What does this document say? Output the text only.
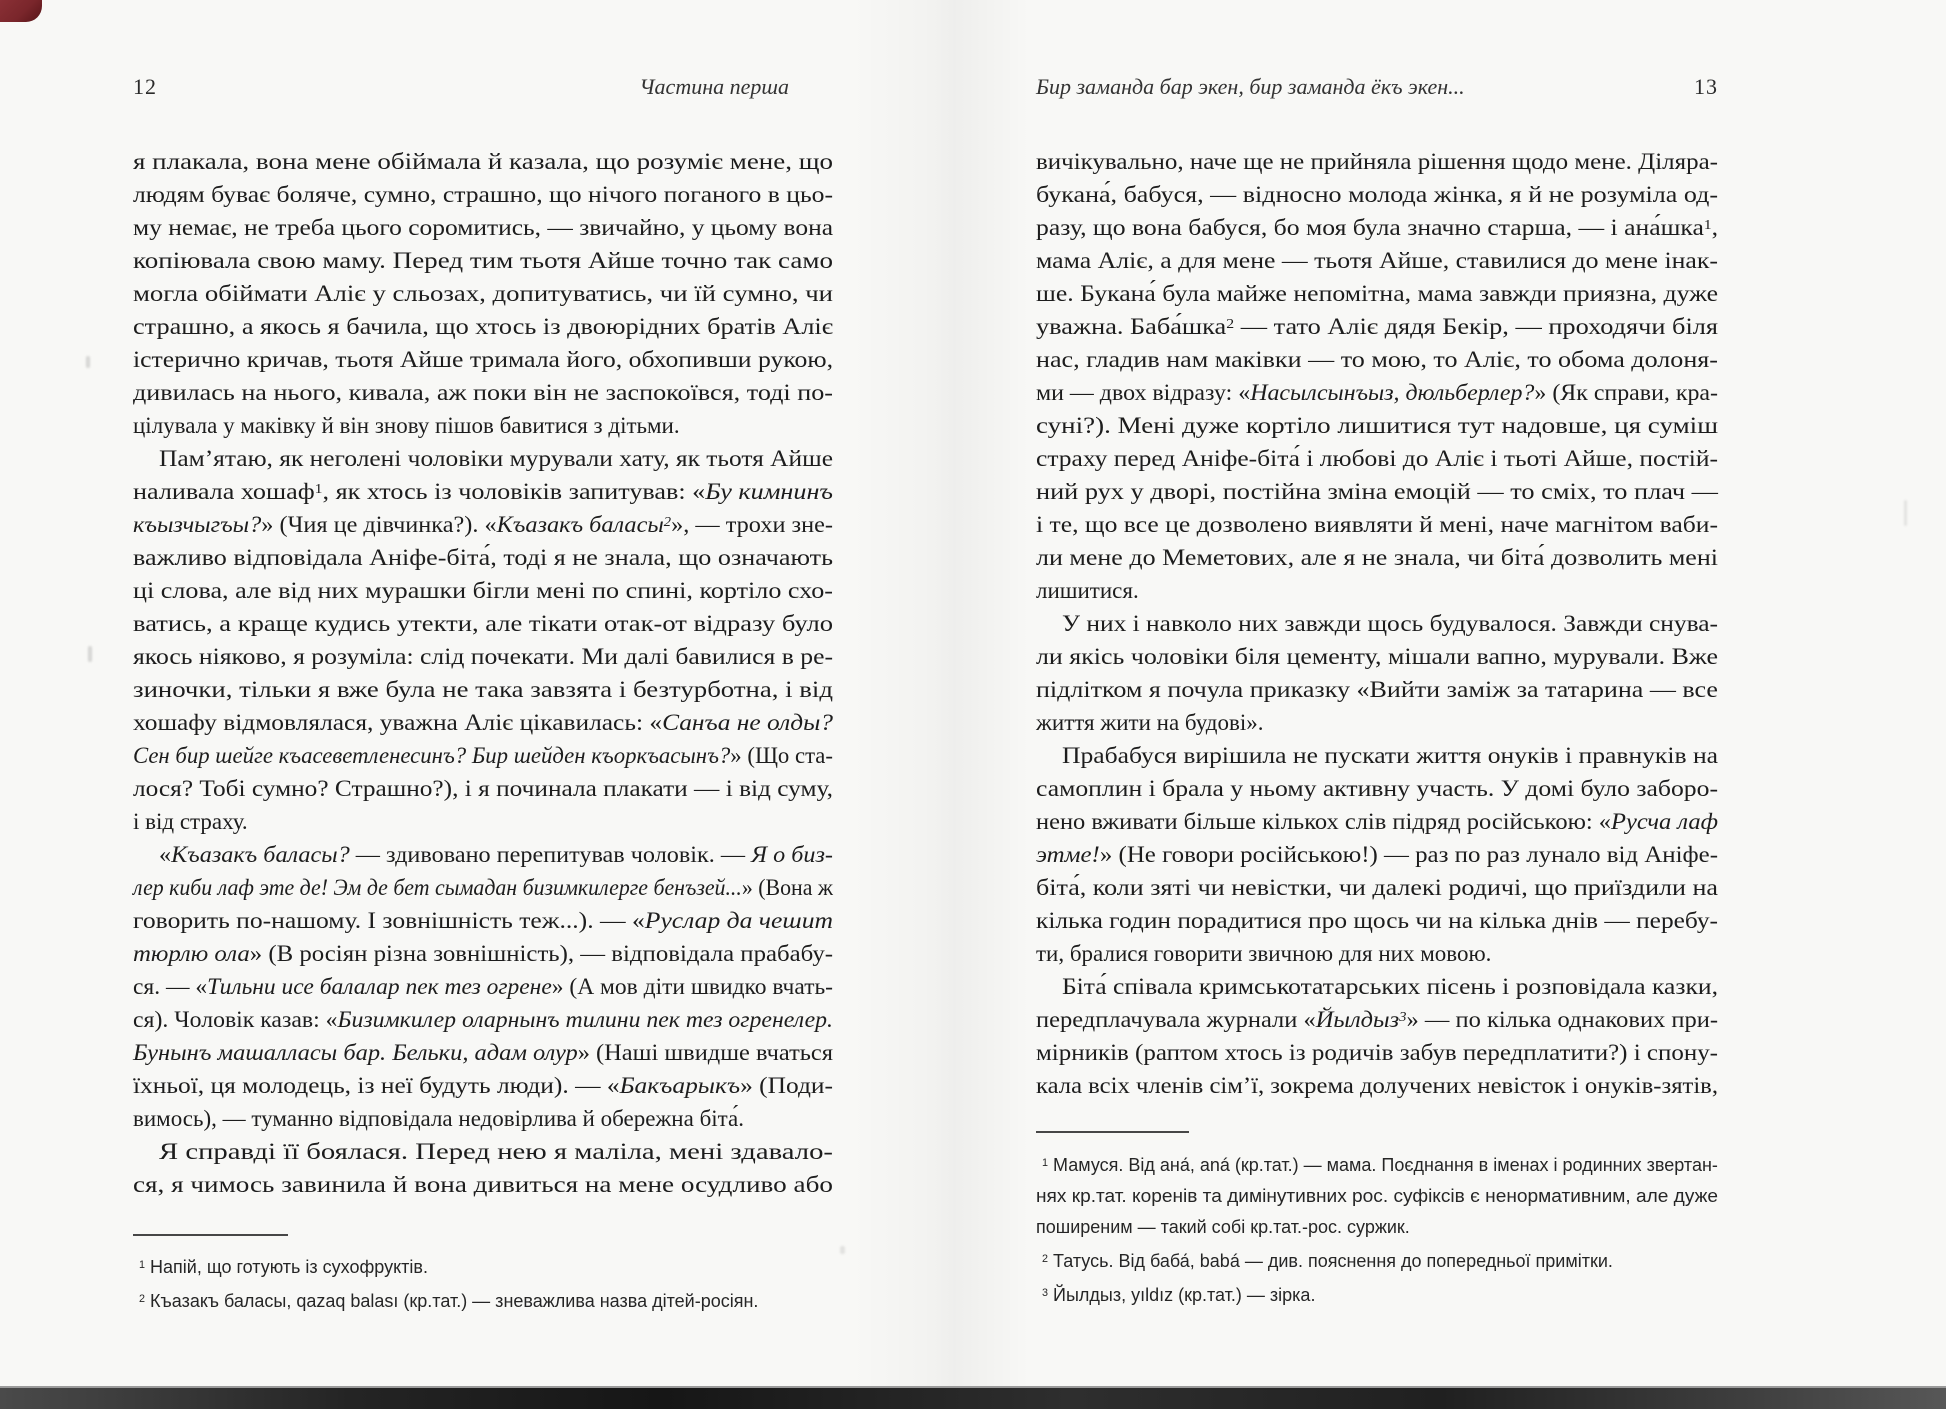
12	Частина перша
я плакала, вона мене обіймала й казала, що розуміє мене, що
людям буває боляче, сумно, страшно, що нічого поганого в цьо-
му немає, не треба цього соромитись, — звичайно, у цьому вона
копіювала свою маму. Перед тим тьотя Айше точно так само
могла обіймати Аліє у сльозах, допитуватись, чи їй сумно, чи
страшно, а якось я бачила, що хтось із двоюрідних братів Аліє
істерично кричав, тьотя Айше тримала його, обхопивши рукою,
дивилась на нього, кивала, аж поки він не заспокоївся, тоді по-
цілувала у маківку й він знову пішов бавитися з дітьми.
Пам’ятаю, як неголені чоловіки мурували хату, як тьотя Айше
наливала хошаф$^1$, як хтось із чоловіків запитував: «Бу кимнинъ
къызчыгъы?» (Чия це дівчинка?). «Къазакъ баласы$^2$», — трохи зне-
важливо відповідала Аніфе-біта́, тоді я не знала, що означають
ці слова, але від них мурашки бігли мені по спині, кортіло схо-
ватись, а краще кудись утекти, але тікати отак-от відразу було
якось ніяково, я розуміла: слід почекати. Ми далі бавилися в ре-
зиночки, тільки я вже була не така завзята і безтурботна, і від
хошафу відмовлялася, уважна Аліє цікавилась: «Санъа не олды?
Сен бир шейге къасеветленесинъ? Бир шейден къоркъасынъ?» (Що ста-
лося? Тобі сумно? Страшно?), і я починала плакати — і від суму,
і від страху.
«Къазакъ баласы? — здивовано перепитував чоловік. — Я о биз-
лер киби лаф эте де! Эм де бет сымадан бизимкилерге бенъзей...» (Вона ж
говорить по-нашому. І зовнішність теж...). — «Руслар да чешит
тюрлю ола» (В росіян різна зовнішність), — відповідала прабабу-
ся. — «Тильни исе балалар пек тез огрене» (А мов діти швидко вчать-
ся). Чоловік казав: «Бизимкилер оларнынъ тилини пек тез огренелер.
Бунынъ машалласы бар. Бельки, адам олур» (Наші швидше вчаться
їхньої, ця молодець, із неї будуть люди). — «Бакъарыкъ» (Поди-
вимось), — туманно відповідала недовірлива й обережна біта́.
Я справді її боялася. Перед нею я маліла, мені здавало-
ся, я чимось завинила й вона дивиться на мене осудливо або
$^1$ Напій, що готують із сухофруктів.
$^2$ Къазакъ баласы, qazaq balası (кр.тат.) — зневажлива назва дітей-росіян.
Бир заманда бар экен, бир заманда ёкъ экен...	13
вичікувально, наче ще не прийняла рішення щодо мене. Діляра-
букана́, бабуся, — відносно молода жінка, я й не розуміла од-
разу, що вона бабуся, бо моя була значно старша, — і ана́шка$^1$,
мама Аліє, а для мене — тьотя Айше, ставилися до мене інак-
ше. Букана́ була майже непомітна, мама завжди приязна, дуже
уважна. Баба́шка$^2$ — тато Аліє дядя Бекір, — проходячи біля
нас, гладив нам маківки — то мою, то Аліє, то обома долоня-
ми — двох відразу: «Насылсынъыз, дюльберлер?» (Як справи, кра-
суні?). Мені дуже кортіло лишитися тут надовше, ця суміш
страху перед Аніфе-біта́ і любові до Аліє і тьоті Айше, постій-
ний рух у дворі, постійна зміна емоцій — то сміх, то плач —
і те, що все це дозволено виявляти й мені, наче магнітом ваби-
ли мене до Меметових, але я не знала, чи біта́ дозволить мені
лишитися.
У них і навколо них завжди щось будувалося. Завжди снува-
ли якісь чоловіки біля цементу, мішали вапно, мурували. Вже
підлітком я почула приказку «Вийти заміж за татарина — все
життя жити на будові».
Прабабуся вирішила не пускати життя онуків і правнуків на
самоплин і брала у ньому активну участь. У домі було заборо-
нено вживати більше кількох слів підряд російською: «Русча лаф
этме!» (Не говори російською!) — раз по раз лунало від Аніфе-
біта́, коли зяті чи невістки, чи далекі родичі, що приїздили на
кілька годин порадитися про щось чи на кілька днів — перебу-
ти, бралися говорити звичною для них мовою.
Біта́ співала кримськотатарських пісень і розповідала казки,
передплачувала журнали «Йылдыз$^3$» — по кілька однакових при-
мірників (раптом хтось із родичів забув передплатити?) і спону-
кала всіх членів сім’ї, зокрема долучених невісток і онуків-зятів,
$^1$ Мамуся. Від ана́, aná (кр.тат.) — мама. Поєднання в іменах і родинних звертан-
нях кр.тат. коренів та димінутивних рос. суфіксів є ненормативним, але дуже
поширеним — такий собі кр.тат.-рос. суржик.
$^2$ Татусь. Від баба́, babá — див. пояснення до попередньої примітки.
$^3$ Йылдыз, yıldız (кр.тат.) — зірка.
